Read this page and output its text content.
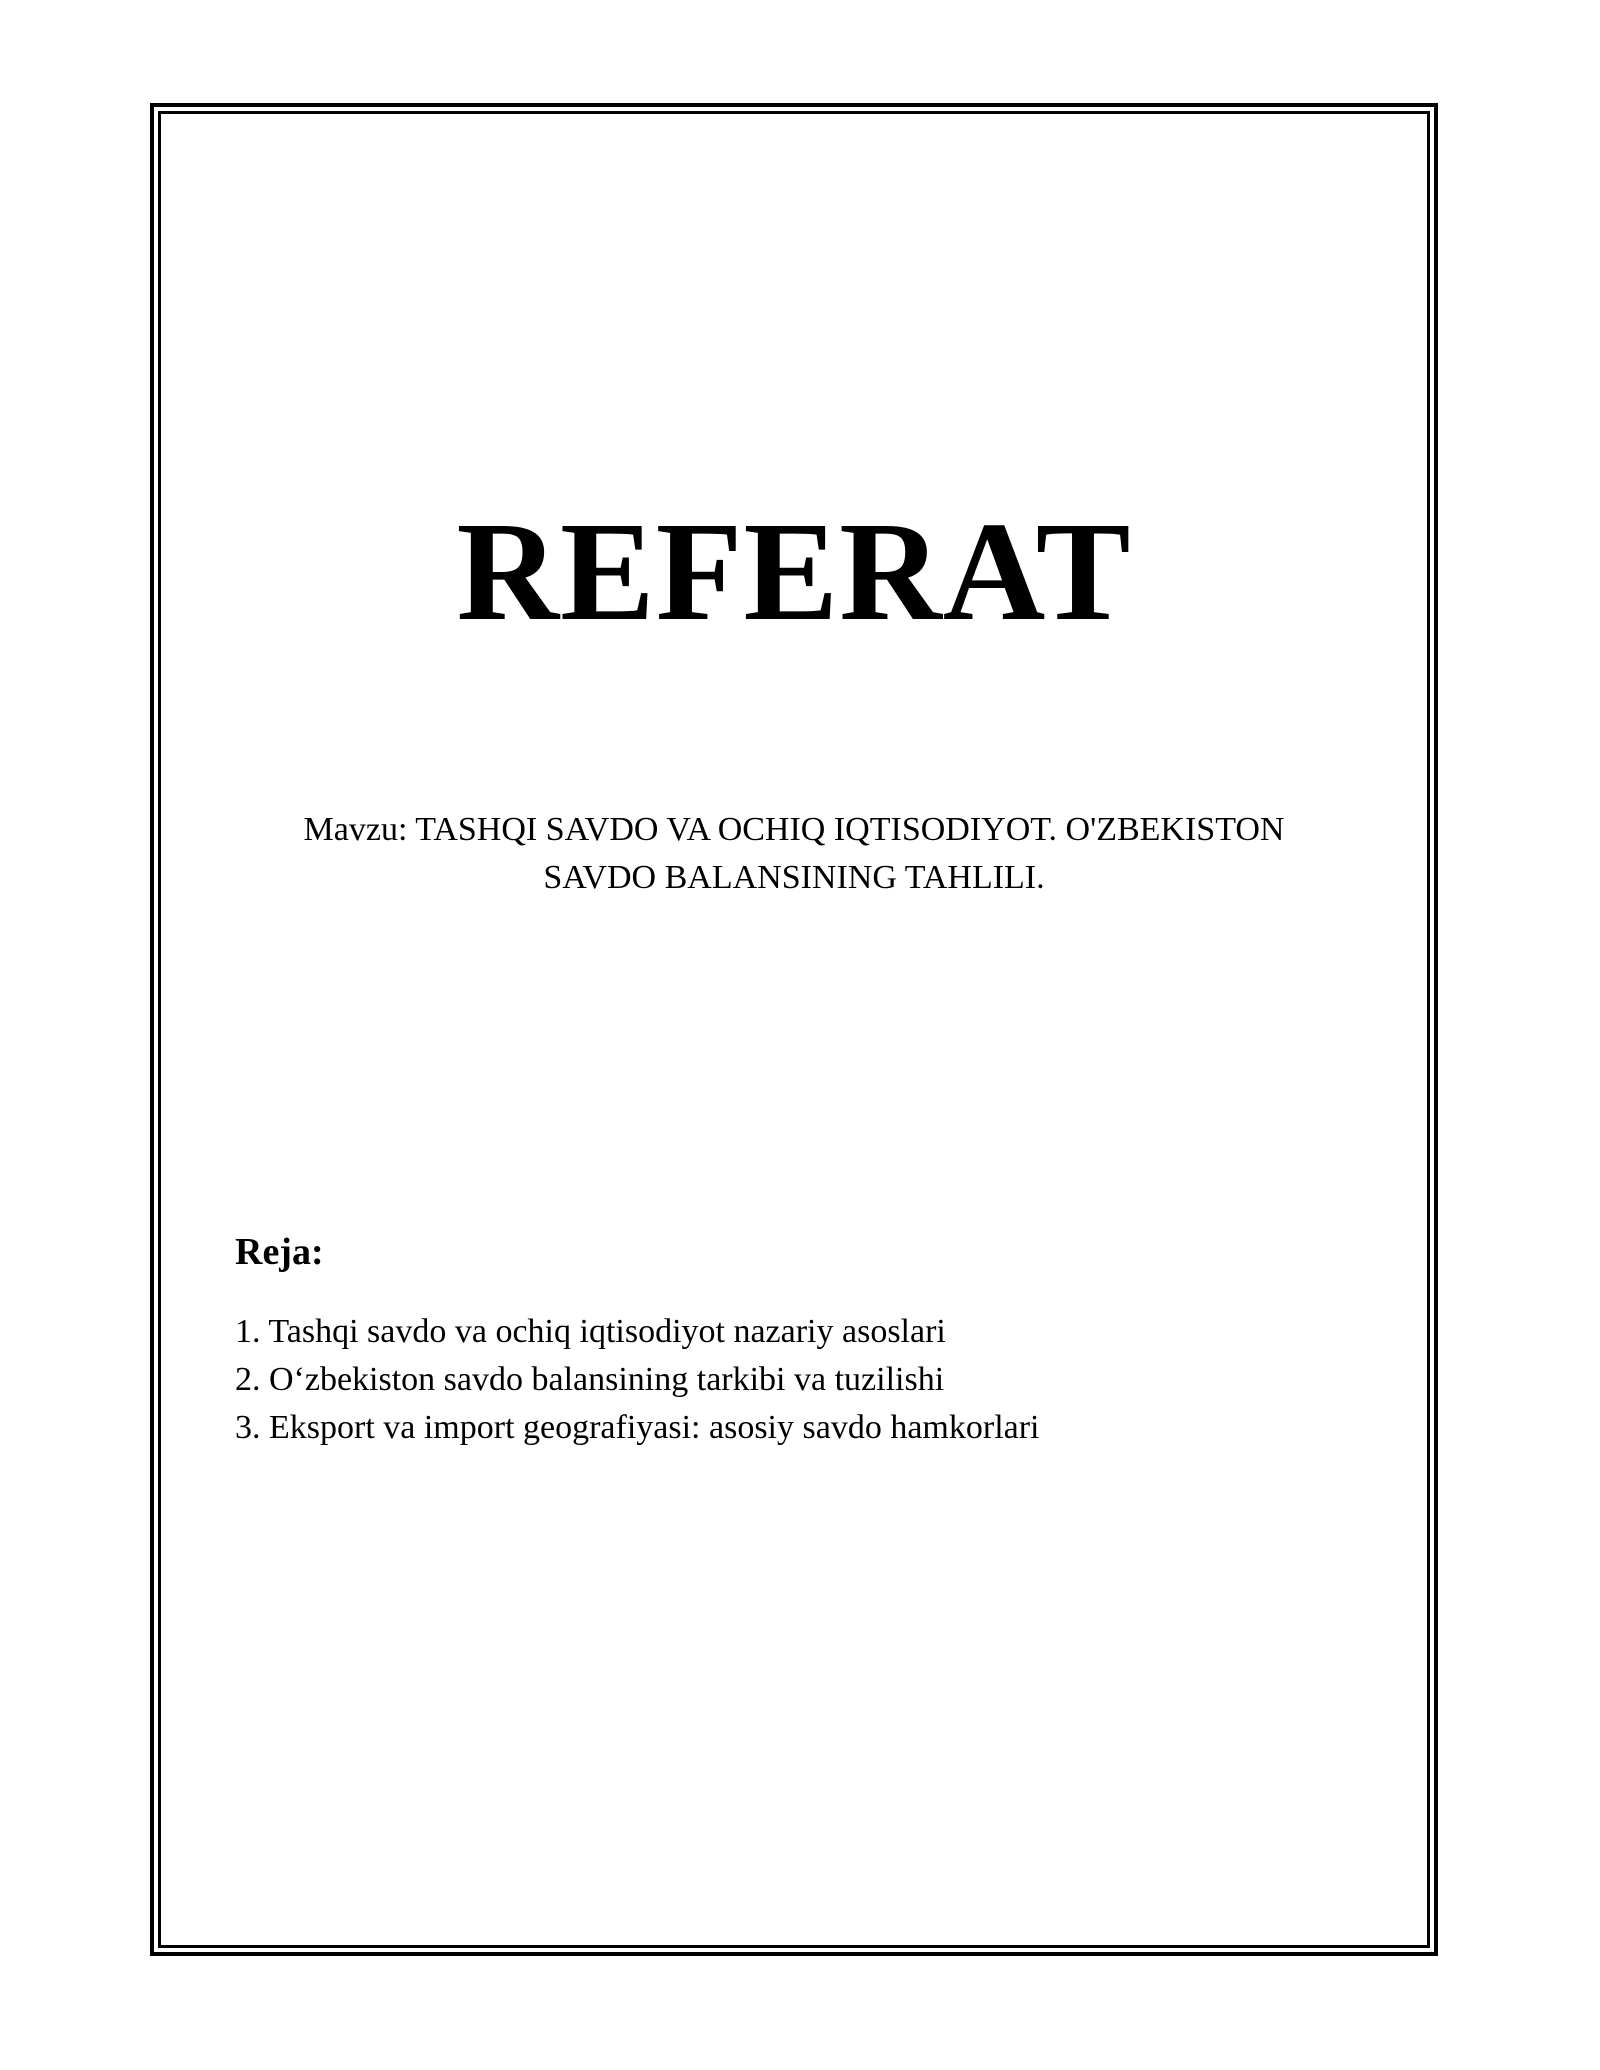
REFERAT

Mavzu: TASHQI SAVDO VA OCHIQ IQTISODIYOT. O'ZBEKISTON
SAVDO BALANSINING TAHLILI.

Reja:
1. Tashqi savdo va ochiq iqtisodiyot nazariy asoslari
2. O‘zbekiston savdo balansining tarkibi va tuzilishi
3. Eksport va import geografiyasi: asosiy savdo hamkorlari
